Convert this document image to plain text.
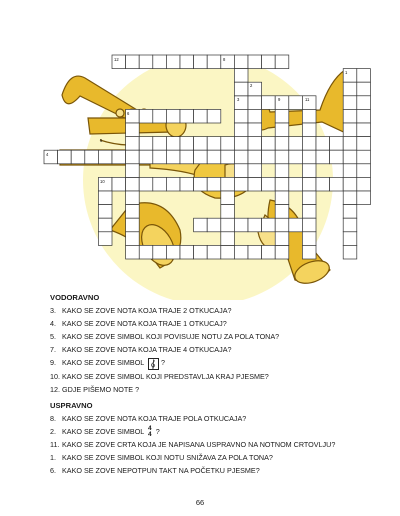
12	8
1
2
3	9	11
6
5
4
10
VODORAVNO
3. KAKO SE ZOVE NOTA KOJA TRAJE 2 OTKUCAJA?
4. KAKO SE ZOVE NOTA KOJA TRAJE 1 OTKUCAJ?
5. KAKO SE ZOVE SIMBOL KOJI POVISUJE NOTU ZA POLA TONA?
7. KAKO SE ZOVE NOTA KOJA TRAJE 4 OTKUCAJA?
9. KAKO SE ZOVE SIMBOL ?
10. KAKO SE ZOVE SIMBOL KOJI PREDSTAVLJA KRAJ PJESME?
12. GDJE PIŠEMO NOTE ?
USPRAVNO
8. KAKO SE ZOVE NOTA KOJA TRAJE POLA OTKUCAJA?
2. KAKO SE ZOVE SIMBOL 4
4 ?
11. KAKO SE ZOVE CRTA KOJA JE NAPISANA USPRAVNO NA NOTNOM CRTOVLJU?
1. KAKO SE ZOVE SIMBOL KOJI NOTU SNIŽAVA ZA POLA TONA?
6. KAKO SE ZOVE NEPOTPUN TAKT NA POČETKU PJESME?
66
